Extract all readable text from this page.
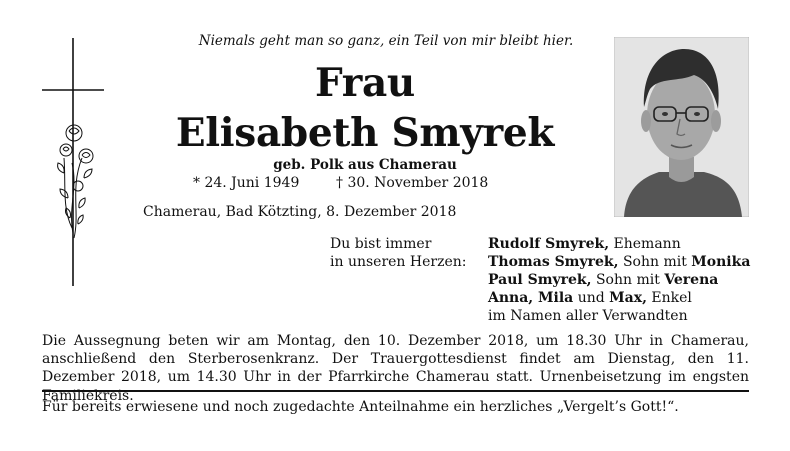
Niemals geht man so ganz, ein Teil von mir bleibt hier.
Frau
Elisabeth Smyrek
geb. Polk aus Chamerau
* 24. Juni 1949	† 30. November 2018
Chamerau, Bad Kötzting, 8. Dezember 2018
Du bist immer
in unseren Herzen:
Rudolf Smyrek, Ehemann
Thomas Smyrek, Sohn mit Monika
Paul Smyrek, Sohn mit Verena
Anna, Mila und Max, Enkel
im Namen aller Verwandten
Die Aussegnung beten wir am Montag, den 10. Dezember 2018, um 18.30 Uhr in Chamerau, anschließend den Sterberosenkranz. Der Trauergottesdienst findet am Dienstag, den 11. Dezember 2018, um 14.30 Uhr in der Pfarrkirche Chamerau statt. Urnenbeisetzung im engsten Familiekreis.
Für bereits erwiesene und noch zugedachte Anteilnahme ein herzliches „Vergelt’s Gott!“.
